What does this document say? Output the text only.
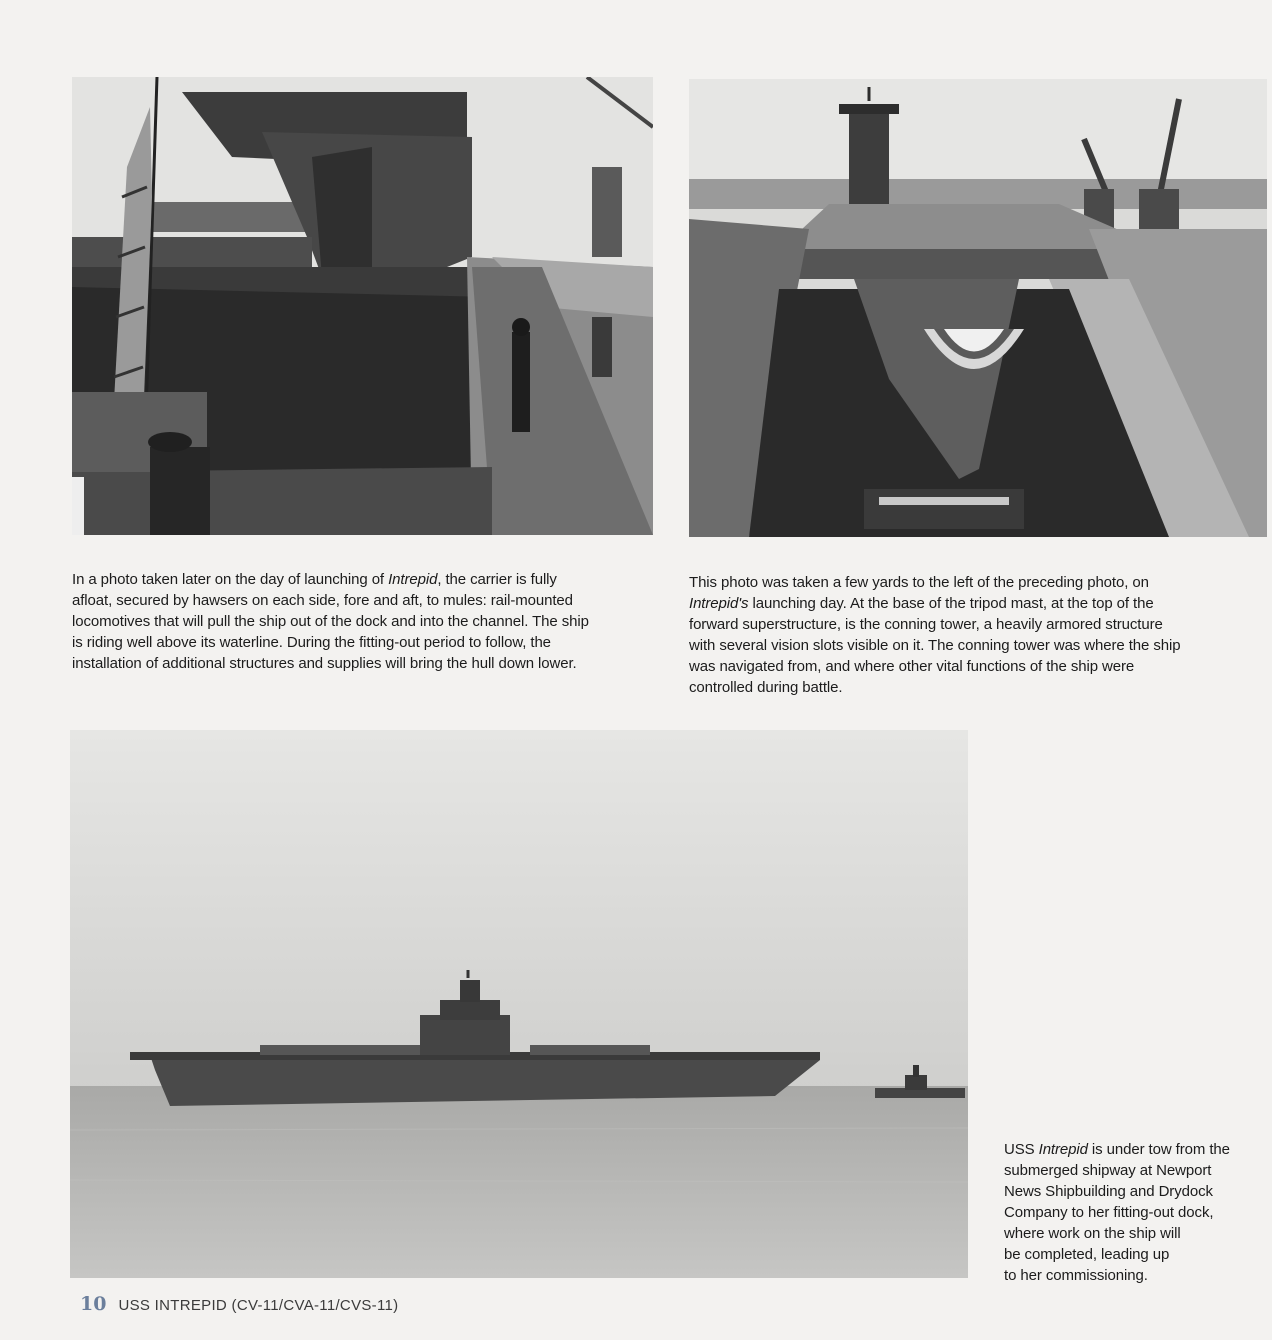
In a photo taken later on the day of launching of Intrepid, the carrier is fully
afloat, secured by hawsers on each side, fore and aft, to mules: rail-mounted
locomotives that will pull the ship out of the dock and into the channel. The ship
is riding well above its waterline. During the fitting-out period to follow, the
installation of additional structures and supplies will bring the hull down lower.
This photo was taken a few yards to the left of the preceding photo, on
Intrepid's launching day. At the base of the tripod mast, at the top of the
forward superstructure, is the conning tower, a heavily armored structure
with several vision slots visible on it. The conning tower was where the ship
was navigated from, and where other vital functions of the ship were
controlled during battle.
USS Intrepid is under tow from the
submerged shipway at Newport
News Shipbuilding and Drydock
Company to her fitting-out dock,
where work on the ship will
be completed, leading up
to her commissioning.
10 USS INTREPID (CV-11/CVA-11/CVS-11)
